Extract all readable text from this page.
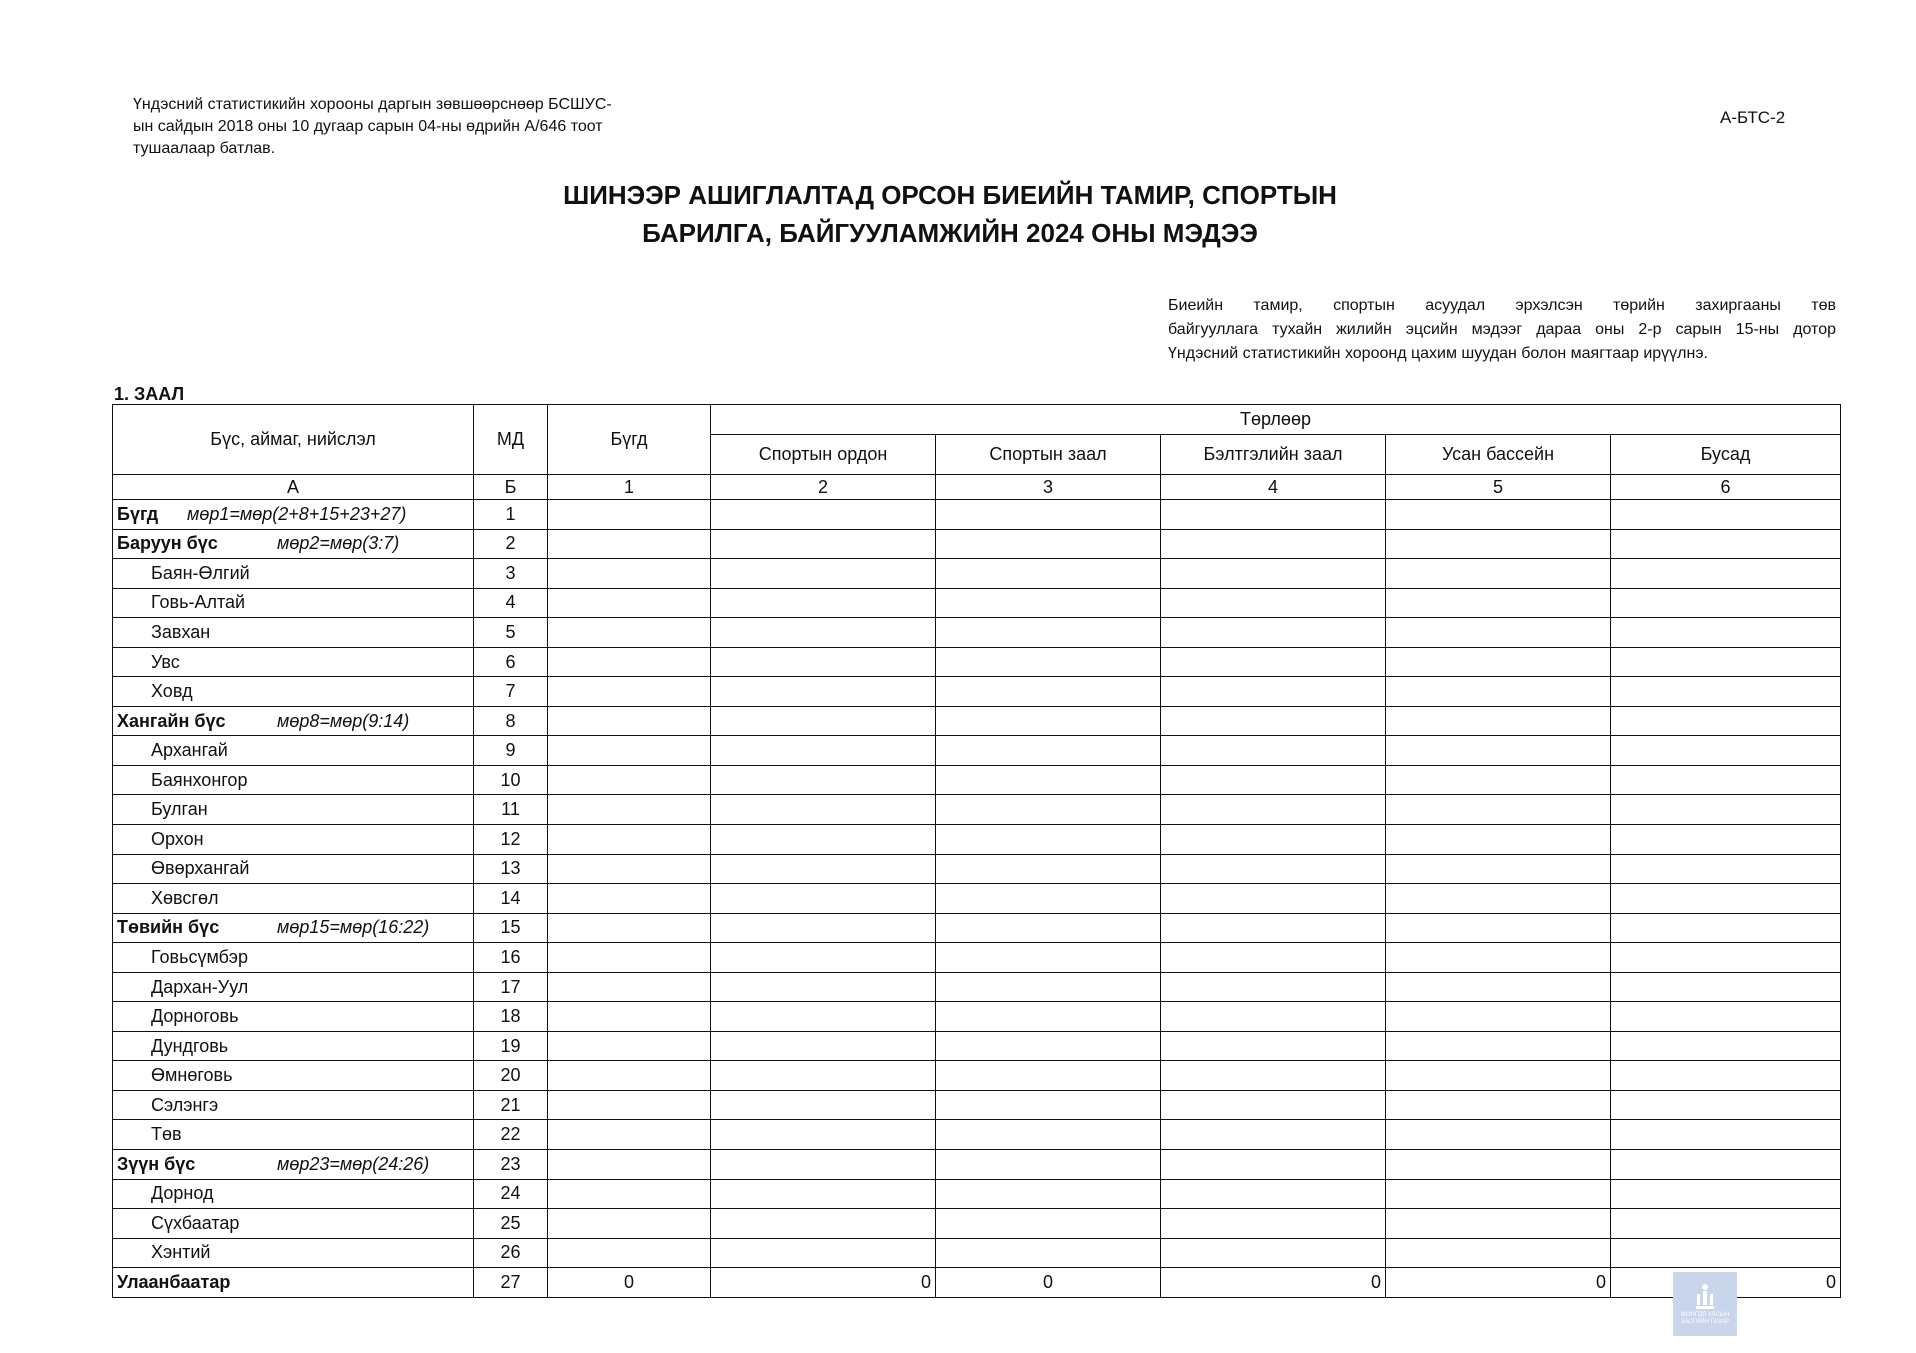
Үндэсний статистикийн хорооны даргын зөвшөөрснөөр БСШУС-
ын сайдын 2018 оны 10 дугаар сарын 04-ны өдрийн А/646 тоот
тушаалаар батлав.
А-БТС-2
ШИНЭЭР АШИГЛАЛТАД ОРСОН БИЕИЙН ТАМИР, СПОРТЫН
БАРИЛГА, БАЙГУУЛАМЖИЙН 2024 ОНЫ МЭДЭЭ
Биеийн тамир, спортын асуудал эрхэлсэн төрийн захиргааны төв
байгууллага тухайн жилийн эцсийн мэдээг дараа оны 2-р сарын 15-ны дотор
Үндэсний статистикийн хороонд цахим шуудан болон маягтаар ирүүлнэ.
1. ЗААЛ
Бүс, аймаг, нийслэл	МД	Бүгд	Төрлөөр				
			Спортын ордон	Спортын заал	Бэлтгэлийн заал	Усан бассейн	Бусад
А	Б	1	2	3	4	5	6
Бүгд мөр1=мөр(2+8+15+23+27)	1						
Баруун бүс мөр2=мөр(3:7)	2						
Баян-Өлгий	3						
Говь-Алтай	4						
Завхан	5						
Увс	6						
Ховд	7						
Хангайн бүс мөр8=мөр(9:14)	8						
Архангай	9						
Баянхонгор	10						
Булган	11						
Орхон	12						
Өвөрхангай	13						
Хөвсгөл	14						
Төвийн бүс мөр15=мөр(16:22)	15						
Говьсүмбэр	16						
Дархан-Уул	17						
Дорноговь	18						
Дундговь	19						
Өмнөговь	20						
Сэлэнгэ	21						
Төв	22						
Зүүн бүс мөр23=мөр(24:26)	23						
Дорнод	24						
Сүхбаатар	25						
Хэнтий	26						
Улаанбаатар	27	0	0	0	0	0	0
МОНГОЛ УЛСЫН ЗАСГИЙН ГАЗАР
